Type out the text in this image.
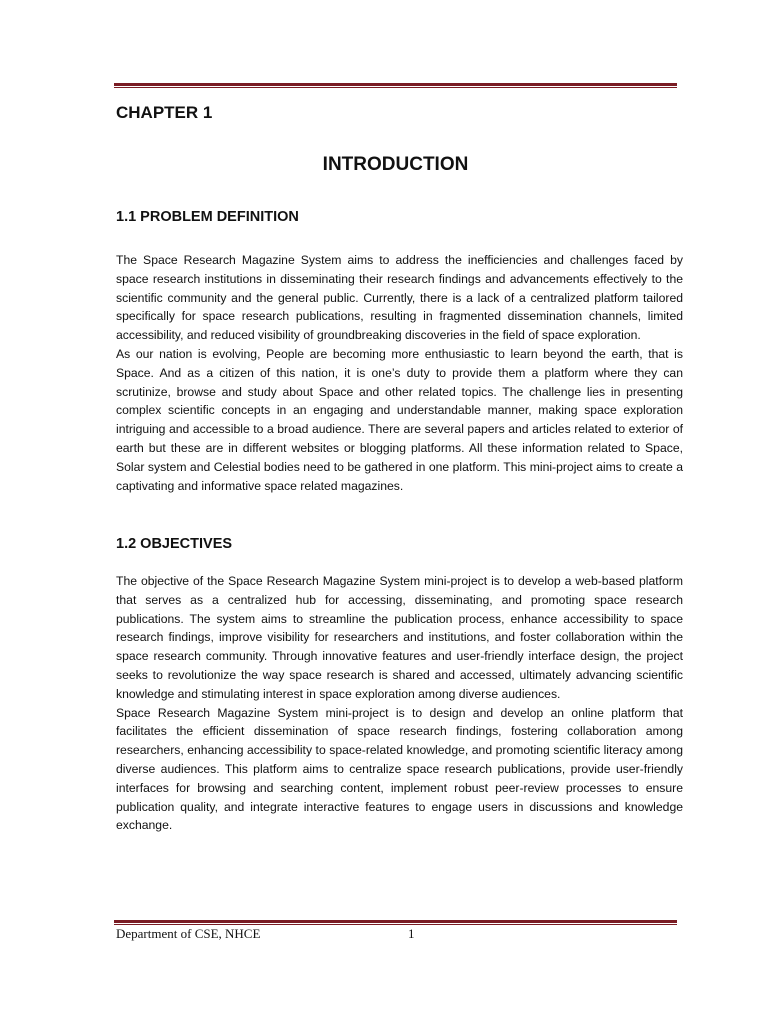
CHAPTER 1
INTRODUCTION
1.1 PROBLEM DEFINITION

The Space Research Magazine System aims to address the inefficiencies and challenges faced by space research institutions in disseminating their research findings and advancements effectively to the scientific community and the general public. Currently, there is a lack of a centralized platform tailored specifically for space research publications, resulting in fragmented dissemination channels, limited accessibility, and reduced visibility of groundbreaking discoveries in the field of space exploration.

As our nation is evolving, People are becoming more enthusiastic to learn beyond the earth, that is Space. And as a citizen of this nation, it is one’s duty to provide them a platform where they can scrutinize, browse and study about Space and other related topics. The challenge lies in presenting complex scientific concepts in an engaging and understandable manner, making space exploration intriguing and accessible to a broad audience. There are several papers and articles related to exterior of earth but these are in different websites or blogging platforms. All these information related to Space, Solar system and Celestial bodies need to be gathered in one platform. This mini-project aims to create a captivating and informative space related magazines.

1.2 OBJECTIVES

The objective of the Space Research Magazine System mini-project is to develop a web-based platform that serves as a centralized hub for accessing, disseminating, and promoting space research publications. The system aims to streamline the publication process, enhance accessibility to space research findings, improve visibility for researchers and institutions, and foster collaboration within the space research community. Through innovative features and user-friendly interface design, the project seeks to revolutionize the way space research is shared and accessed, ultimately advancing scientific knowledge and stimulating interest in space exploration among diverse audiences.

Space Research Magazine System mini-project is to design and develop an online platform that facilitates the efficient dissemination of space research findings, fostering collaboration among researchers, enhancing accessibility to space-related knowledge, and promoting scientific literacy among diverse audiences. This platform aims to centralize space research publications, provide user-friendly interfaces for browsing and searching content, implement robust peer-review processes to ensure publication quality, and integrate interactive features to engage users in discussions and knowledge exchange.

Department of CSE, NHCE	1
